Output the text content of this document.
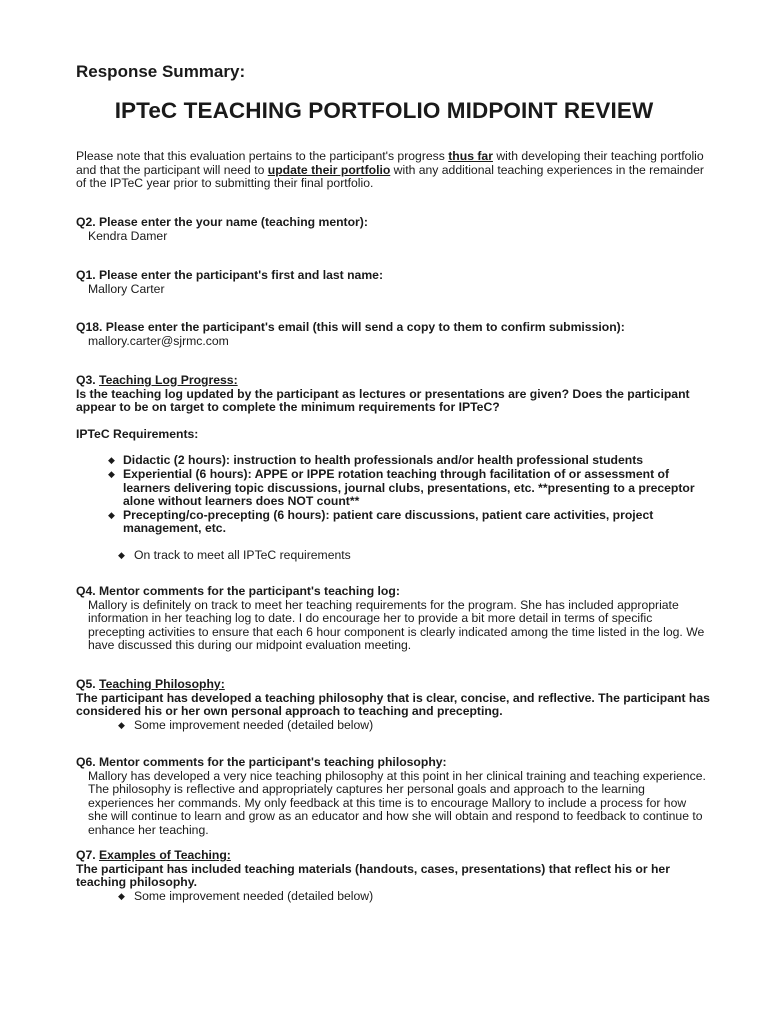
Response Summary:
IPTeC TEACHING PORTFOLIO MIDPOINT REVIEW
Please note that this evaluation pertains to the participant's progress thus far with developing their teaching portfolio and that the participant will need to update their portfolio with any additional teaching experiences in the remainder of the IPTeC year prior to submitting their final portfolio.
Q2. Please enter the your name (teaching mentor):
Kendra Damer
Q1. Please enter the participant's first and last name:
Mallory Carter
Q18. Please enter the participant's email (this will send a copy to them to confirm submission):
mallory.carter@sjrmc.com
Q3. Teaching Log Progress:
Is the teaching log updated by the participant as lectures or presentations are given? Does the participant appear to be on target to complete the minimum requirements for IPTeC?
IPTeC Requirements:
◆ Didactic (2 hours): instruction to health professionals and/or health professional students
◆ Experiential (6 hours): APPE or IPPE rotation teaching through facilitation of or assessment of learners delivering topic discussions, journal clubs, presentations, etc. **presenting to a preceptor alone without learners does NOT count**
◆ Precepting/co-precepting (6 hours): patient care discussions, patient care activities, project management, etc.
◆ On track to meet all IPTeC requirements
Q4. Mentor comments for the participant's teaching log:
Mallory is definitely on track to meet her teaching requirements for the program. She has included appropriate information in her teaching log to date. I do encourage her to provide a bit more detail in terms of specific precepting activities to ensure that each 6 hour component is clearly indicated among the time listed in the log. We have discussed this during our midpoint evaluation meeting.
Q5. Teaching Philosophy:
The participant has developed a teaching philosophy that is clear, concise, and reflective. The participant has considered his or her own personal approach to teaching and precepting.
◆ Some improvement needed (detailed below)
Q6. Mentor comments for the participant's teaching philosophy:
Mallory has developed a very nice teaching philosophy at this point in her clinical training and teaching experience. The philosophy is reflective and appropriately captures her personal goals and approach to the learning experiences her commands. My only feedback at this time is to encourage Mallory to include a process for how she will continue to learn and grow as an educator and how she will obtain and respond to feedback to continue to enhance her teaching.
Q7. Examples of Teaching:
The participant has included teaching materials (handouts, cases, presentations) that reflect his or her teaching philosophy.
◆ Some improvement needed (detailed below)
